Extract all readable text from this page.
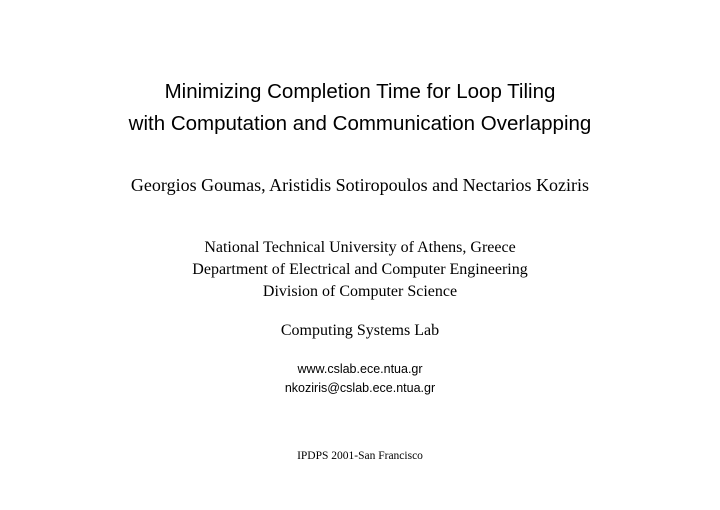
Minimizing Completion Time for Loop Tiling
with Computation and Communication Overlapping
Georgios Goumas, Aristidis Sotiropoulos and Nectarios Koziris
National Technical University of Athens, Greece
Department of Electrical and Computer Engineering
Division of Computer Science
Computing Systems Lab
www.cslab.ece.ntua.gr
nkoziris@cslab.ece.ntua.gr
IPDPS 2001-San Francisco
